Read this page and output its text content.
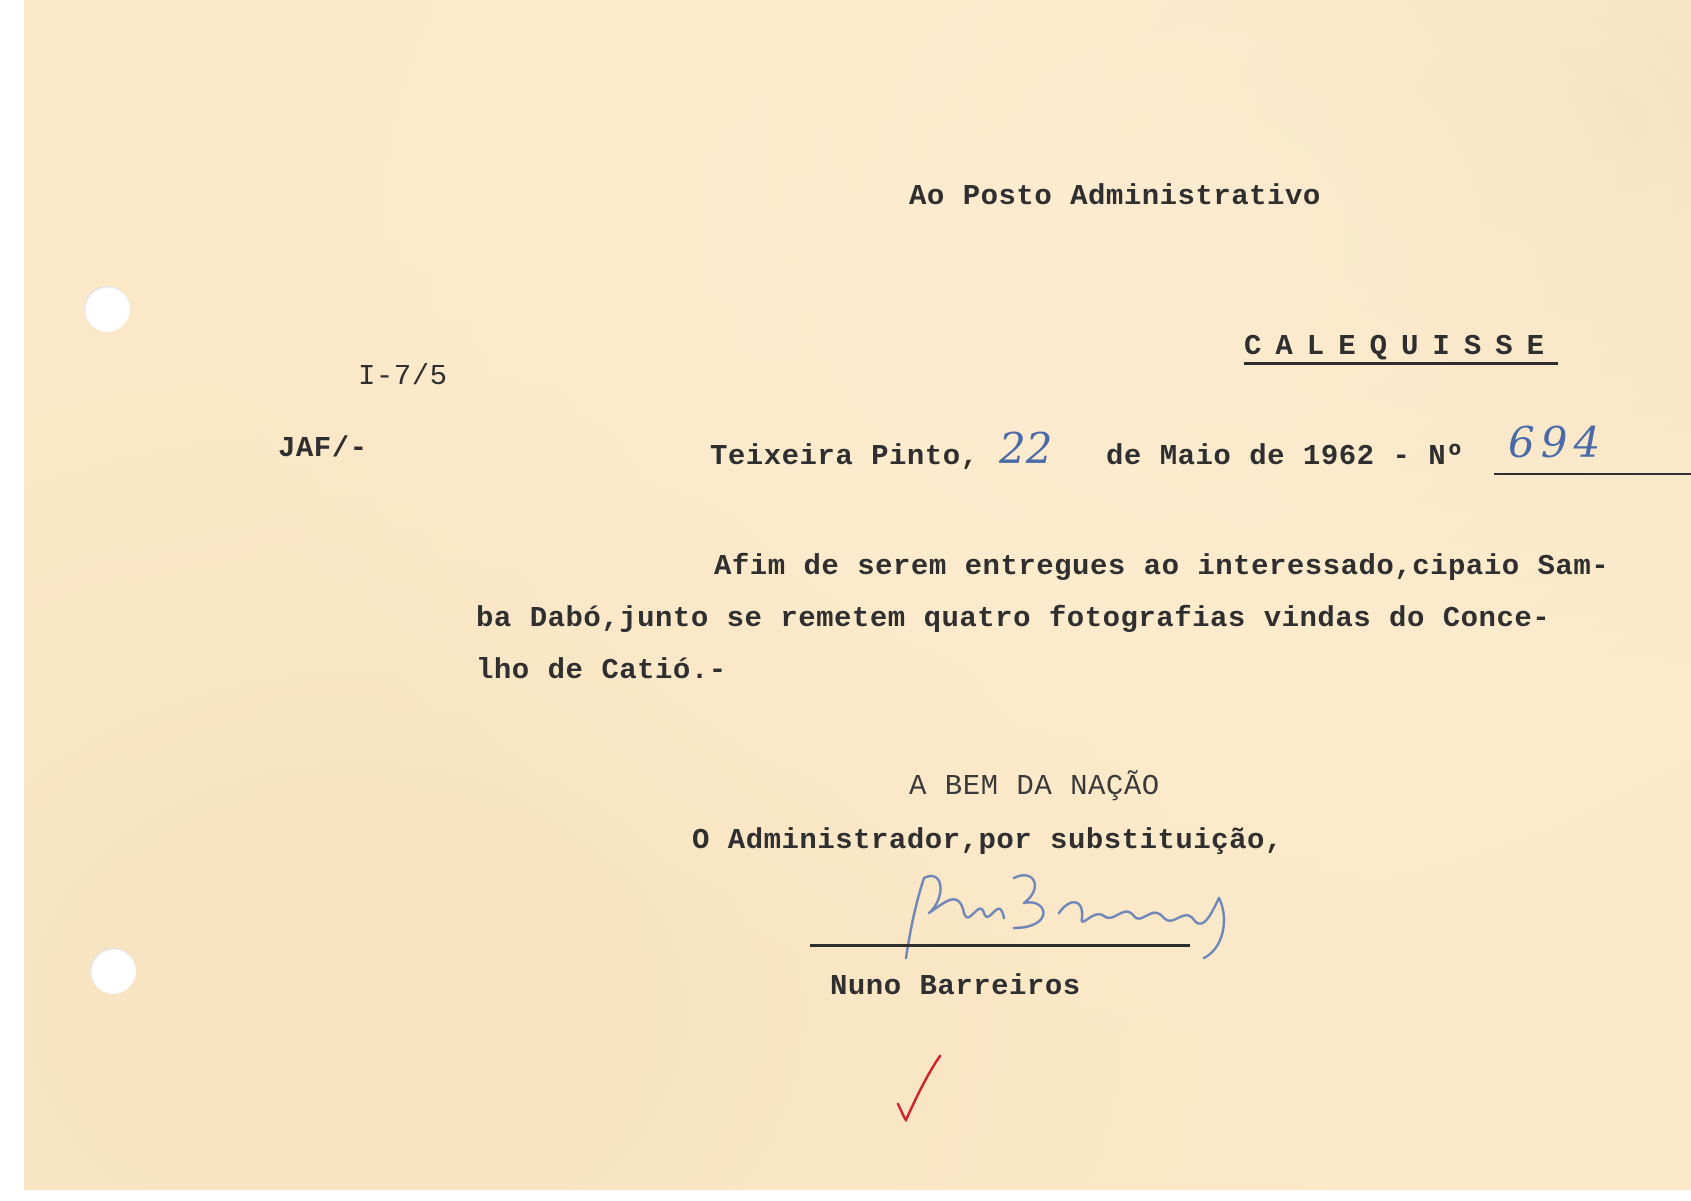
Ao Posto Administrativo

CALEQUISSE

I-7/5

JAF/-	Teixeira Pinto, 22 de Maio de 1962 - Nº 694

Afim de serem entregues ao interessado,cipaio Sam-

ba Dabó,junto se remetem quatro fotografias vindas do Conce-

lho de Catió.-

A BEM DA NAÇÃO

O Administrador,por substituição,

Nuno Barreiros
